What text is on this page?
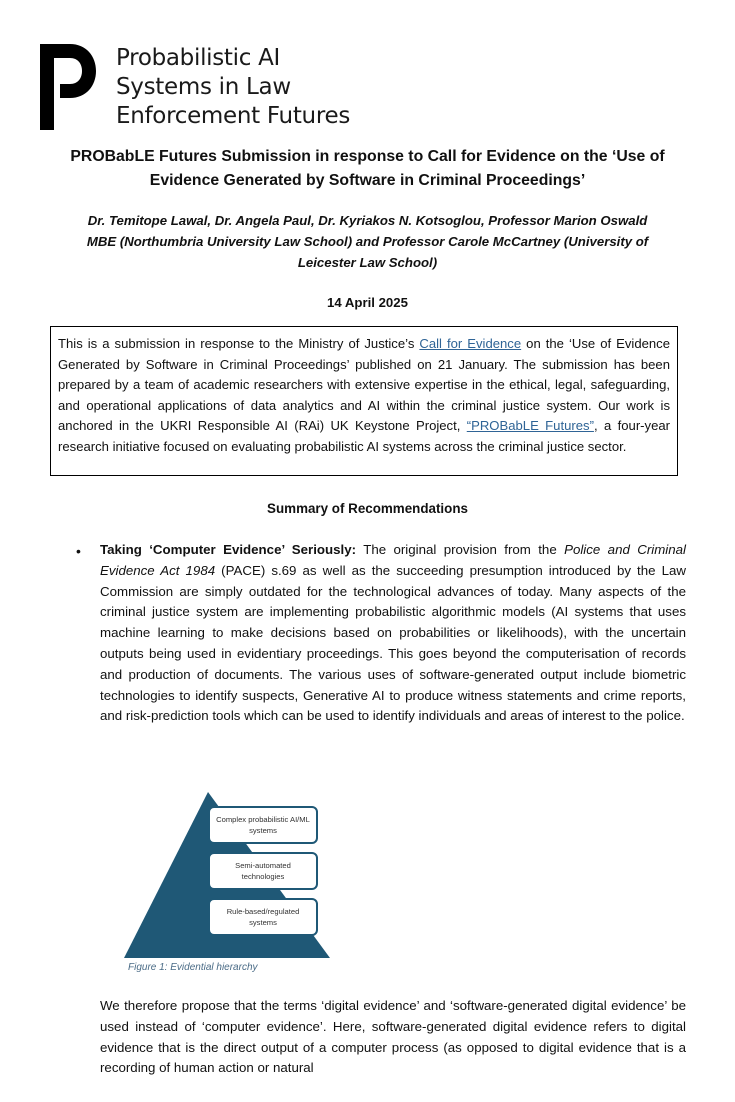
Probabilistic AI
Systems in Law
Enforcement Futures
PROBabLE Futures Submission in response to Call for Evidence on the ‘Use of
Evidence Generated by Software in Criminal Proceedings’
Dr. Temitope Lawal, Dr. Angela Paul, Dr. Kyriakos N. Kotsoglou, Professor Marion Oswald
MBE (Northumbria University Law School) and Professor Carole McCartney (University of
Leicester Law School)
14 April 2025
This is a submission in response to the Ministry of Justice’s Call for Evidence on the ‘Use of Evidence Generated by Software in Criminal Proceedings’ published on 21 January. The submission has been prepared by a team of academic researchers with extensive expertise in the ethical, legal, safeguarding, and operational applications of data analytics and AI within the criminal justice system. Our work is anchored in the UKRI Responsible AI (RAi) UK Keystone Project, “PROBabLE Futures”, a four-year research initiative focused on evaluating probabilistic AI systems across the criminal justice sector.
Summary of Recommendations
• Taking ‘Computer Evidence’ Seriously: The original provision from the Police and Criminal Evidence Act 1984 (PACE) s.69 as well as the succeeding presumption introduced by the Law Commission are simply outdated for the technological advances of today. Many aspects of the criminal justice system are implementing probabilistic algorithmic models (AI systems that uses machine learning to make decisions based on probabilities or likelihoods), with the uncertain outputs being used in evidentiary proceedings. This goes beyond the computerisation of records and production of documents. The various uses of software-generated output include biometric technologies to identify suspects, Generative AI to produce witness statements and crime reports, and risk-prediction tools which can be used to identify individuals and areas of interest to the police.
Complex probabilistic AI/ML systems
Semi-automated technologies
Rule-based/regulated systems
Figure 1: Evidential hierarchy
We therefore propose that the terms ‘digital evidence’ and ‘software-generated digital evidence’ be used instead of ‘computer evidence’. Here, software-generated digital evidence refers to digital evidence that is the direct output of a computer process (as opposed to digital evidence that is a recording of human action or natural
